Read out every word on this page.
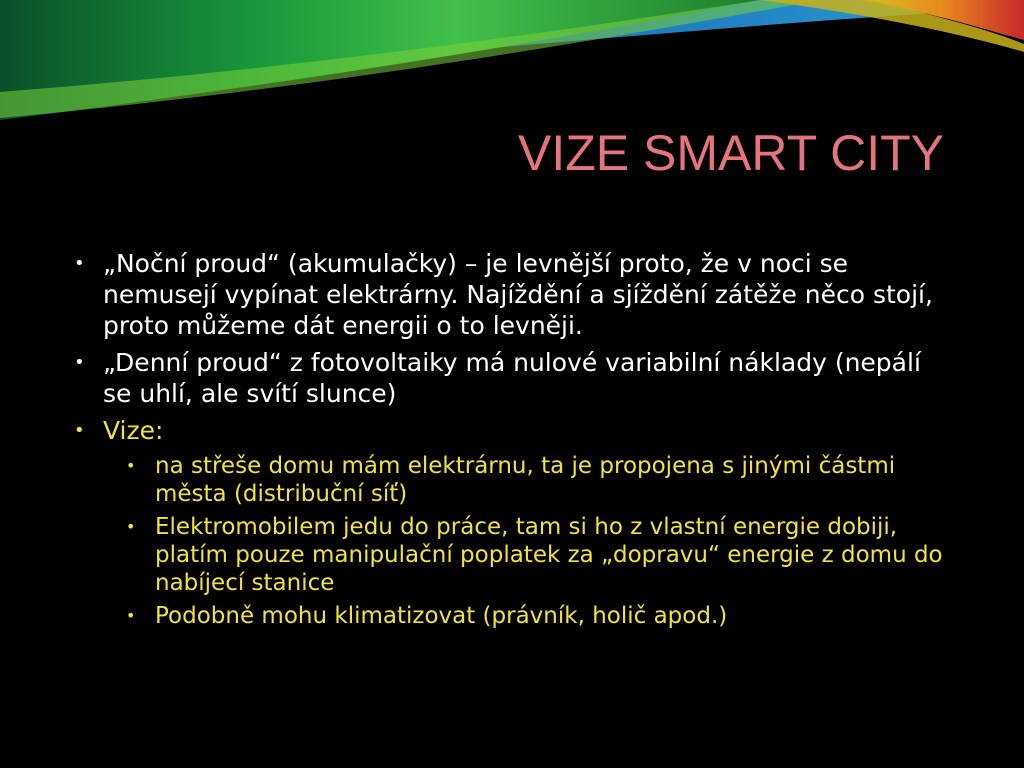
VIZE SMART CITY
• „Noční proud“ (akumulačky) – je levnější proto, že v noci se nemusejí vypínat elektrárny. Najíždění a sjíždění zátěže něco stojí, proto můžeme dát energii o to levněji.
• „Denní proud“ z fotovoltaiky má nulové variabilní náklady (nepálí se uhlí, ale svítí slunce)
• Vize:
• na střeše domu mám elektrárnu, ta je propojena s jinými částmi města (distribuční síť)
• Elektromobilem jedu do práce, tam si ho z vlastní energie dobiji, platím pouze manipulační poplatek za „dopravu“ energie z domu do nabíjecí stanice
• Podobně mohu klimatizovat (právník, holič apod.)
